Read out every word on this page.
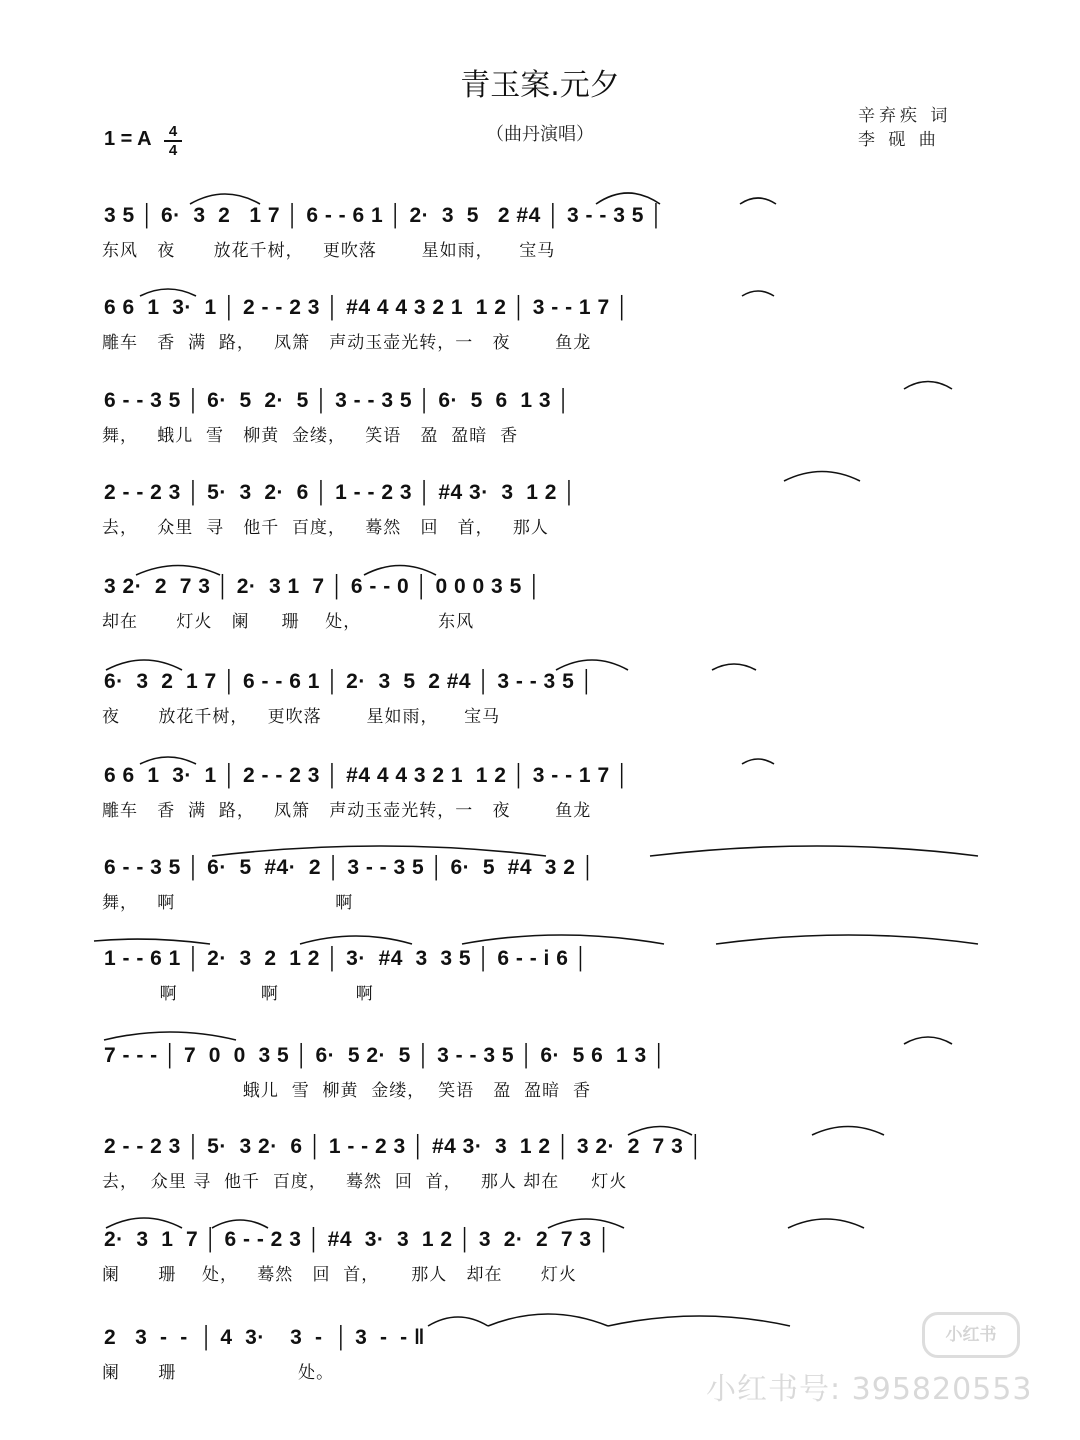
青玉案.元夕
（曲丹演唱）
辛弃疾 词
李 砚 曲
1 = A	4
4
3 5 │ 6·  3  2   1 7 │ 6 - - 6 1 │ 2·  3  5   2 #4 │ 3 - - 3 5 │
东风   夜      放花千树，   更吹落       星如雨，    宝马
6 6  1  3·  1 │ 2 - - 2 3 │ #4 4 4 3 2 1  1 2 │ 3 - - 1 7 │
雕车   香  满  路，   凤箫   声动玉壶光转，一   夜       鱼龙
6 - - 3 5 │ 6·  5  2·  5 │ 3 - - 3 5 │ 6·  5  6  1 3 │
舞，   蛾儿  雪   柳黄  金缕，   笑语   盈  盈暗  香
2 - - 2 3 │ 5·  3  2·  6 │ 1 - - 2 3 │ #4 3·  3  1 2 │
去，   众里  寻   他千  百度，   蓦然   回   首，   那人
3 2·  2  7 3 │ 2·  3 1  7 │ 6 - - 0 │ 0 0 0 3 5 │
却在      灯火   阑     珊    处，            东风
6·  3  2  1 7 │ 6 - - 6 1 │ 2·  3  5  2 #4 │ 3 - - 3 5 │
夜      放花千树，   更吹落       星如雨，    宝马
6 6  1  3·  1 │ 2 - - 2 3 │ #4 4 4 3 2 1  1 2 │ 3 - - 1 7 │
雕车   香  满  路，   凤箫   声动玉壶光转，一   夜       鱼龙
6 - - 3 5 │ 6·  5  #4·  2 │ 3 - - 3 5 │ 6·  5  #4  3 2 │
舞，   啊                         啊
1 - - 6 1 │ 2·  3  2  1 2 │ 3·  #4  3  3 5 │ 6 - - i 6 │
啊             啊            啊
7 - - - │ 7  0  0  3 5 │ 6·  5 2·  5 │ 3 - - 3 5 │ 6·  5 6  1 3 │
蛾儿  雪  柳黄  金缕，  笑语   盈  盈暗  香
2 - - 2 3 │ 5·  3 2·  6 │ 1 - - 2 3 │ #4 3·  3  1 2 │ 3 2·  2  7 3 │
去，  众里 寻  他千  百度，   蓦然  回  首，   那人 却在     灯火
2·  3  1  7 │ 6 - - 2 3 │ #4  3·  3  1 2 │ 3  2·  2  7 3 │
阑      珊    处，   蓦然   回  首，     那人   却在      灯火
2   3  -  -  │ 4  3·    3  -  │ 3  -  - ‖
阑      珊                   处。
小红书
小红书号: 395820553
